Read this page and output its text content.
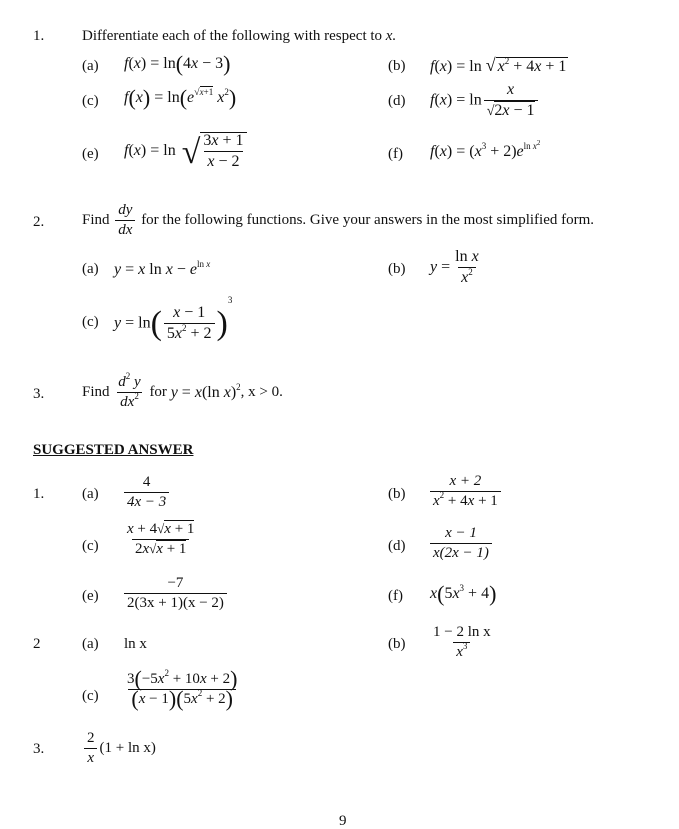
1.	Differentiate each of the following with respect to x.
(a) f(x) = ln(4x − 3)	(b) f(x) = ln √ $x^2 + 4x + 1$
(c) $f(x) = \ln(e^{√x+1}$ $x^2$)	(d) $f(x) = \ln \frac{x}{√2x - 1}$
(e) f(x) = ln √ $\frac{3x + 1}{x - 2}$	(f) $f(x) = (x^3 + 2)e^{ln x^2}$
2.	Find $\frac{dy}{dx}$ for the following functions. Give your answers in the most simplified form.
(a) y = x $\ln x - e^{ln x}$	(b) $y = \frac{\text{ln x}}{x^2}$
(c) $y = \ln( \frac{x - 1}{5x^2 + 2} )^3$
3.	Find $\frac{d^2 y}{dx^2}$ for y = x(ln x)$^2$, x > 0.
SUGGESTED ANSWER
1.	$(a) \frac{4}{4x - 3}$	$(b) \frac{x + 2}{x^2 + 4x + 1}$
$(c) \frac{x + 4√x + 1}{2x√x + 1}$	$(d) \frac{x - 1}{x(2x - 1)}$
$(e) \frac{-7}{2(3x + 1)(x - 2)}$	(f) $x(5x^3 + 4)$
2	(a) ln x	$(b) \frac{\text{1 − 2 ln x}}{x^3}$
$(c) \frac{3(-5x^2 + 10x + 2)}{(x - 1)(5x^2 + 2)}$
3.	$\frac{2}{x} (1 + \ln x)$
9
